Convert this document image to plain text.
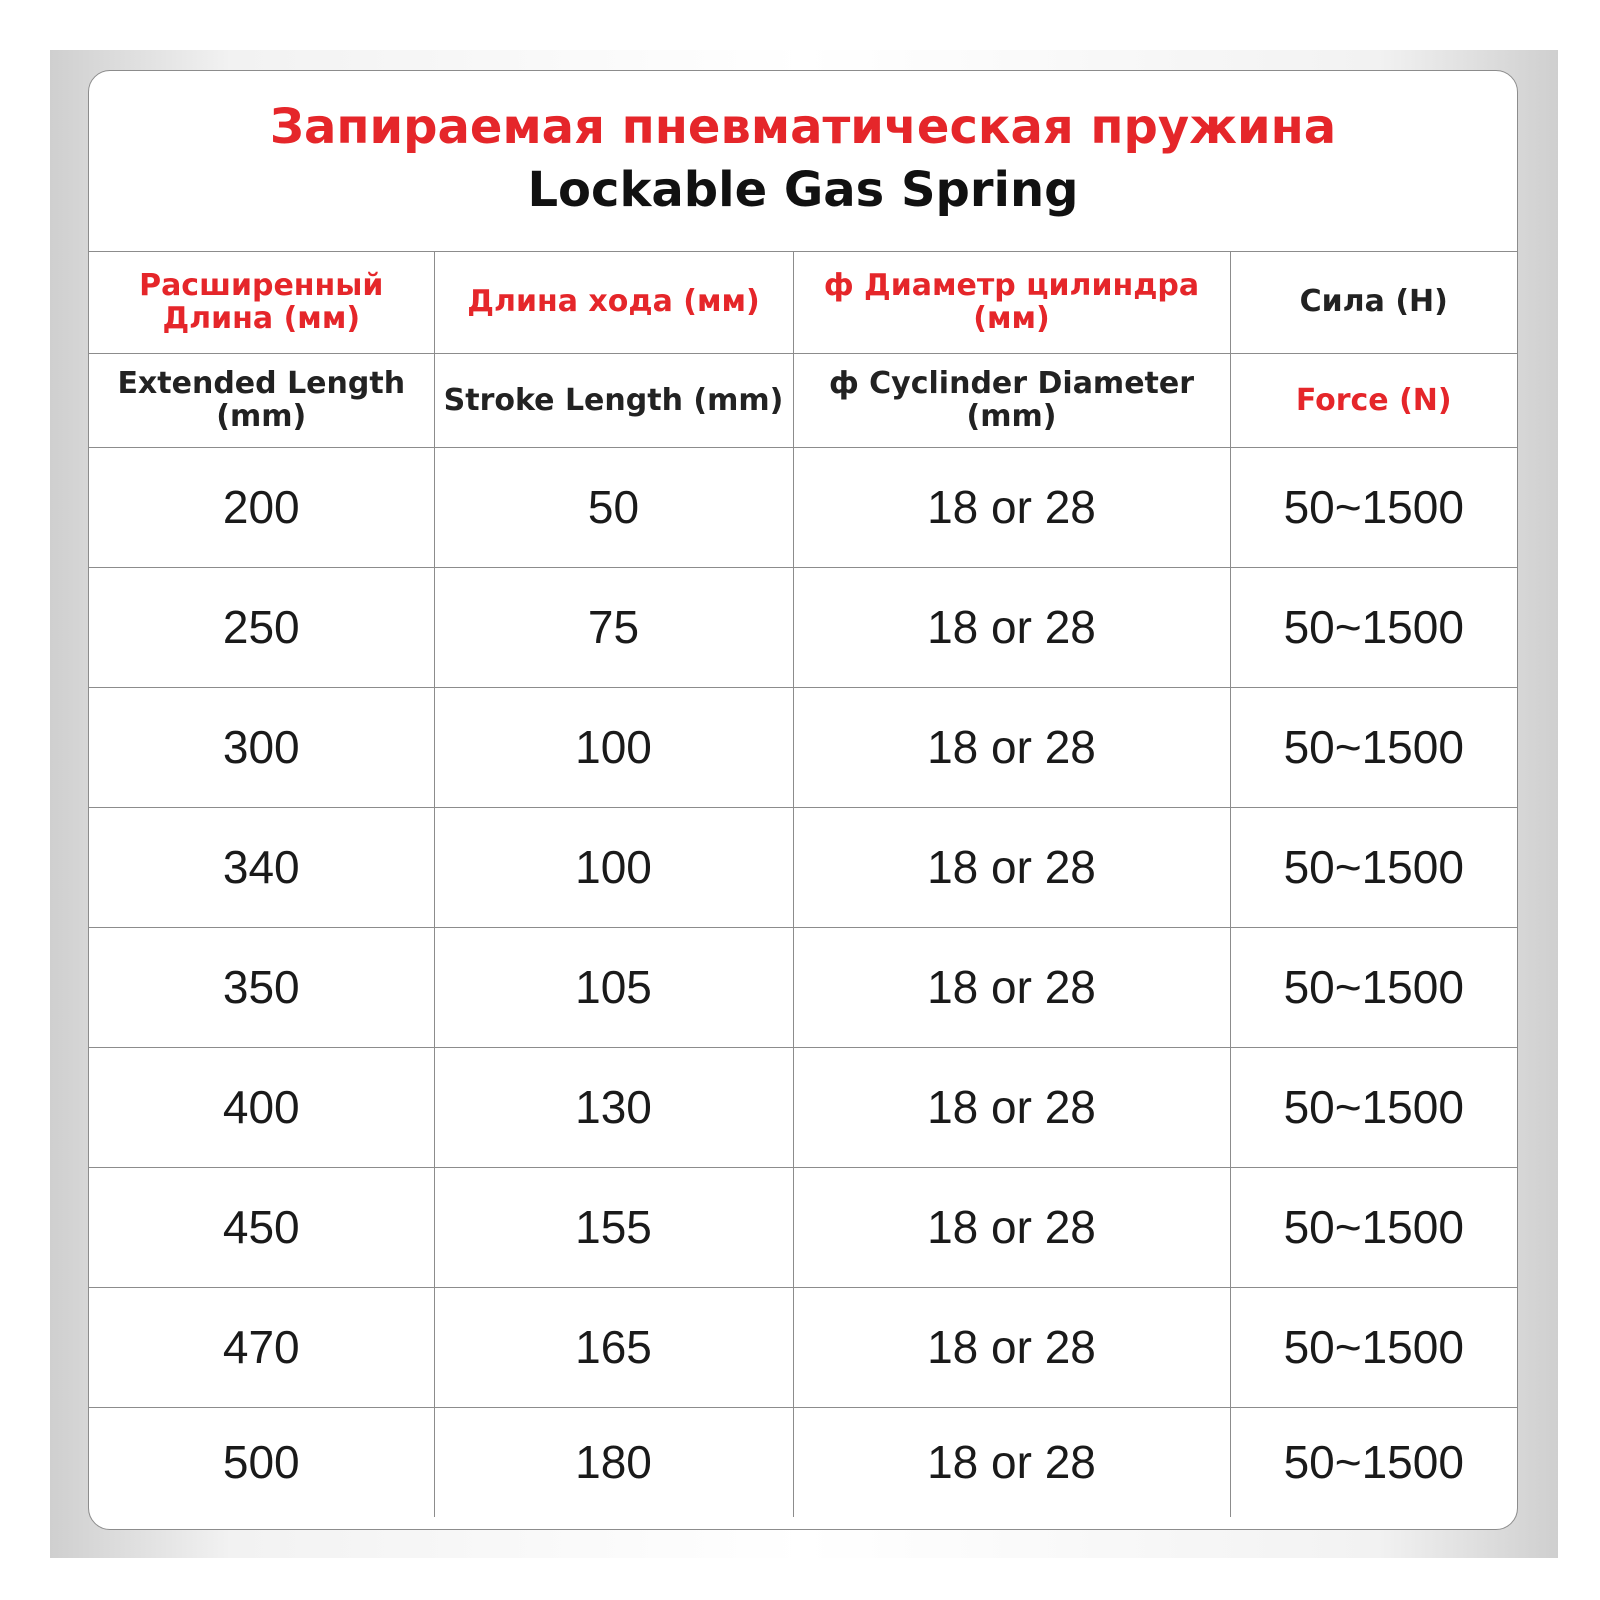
Запираемая пневматическая пружина
Lockable Gas Spring
Расширенный Длина (мм)	Длина хода (мм)	ф Диаметр цилиндра (мм)	Сила (Н)
Extended Length (mm)	Stroke Length (mm)	ф Cyclinder Diameter (mm)	Force (N)
200	50	18 or 28	50~1500
250	75	18 or 28	50~1500
300	100	18 or 28	50~1500
340	100	18 or 28	50~1500
350	105	18 or 28	50~1500
400	130	18 or 28	50~1500
450	155	18 or 28	50~1500
470	165	18 or 28	50~1500
500	180	18 or 28	50~1500
